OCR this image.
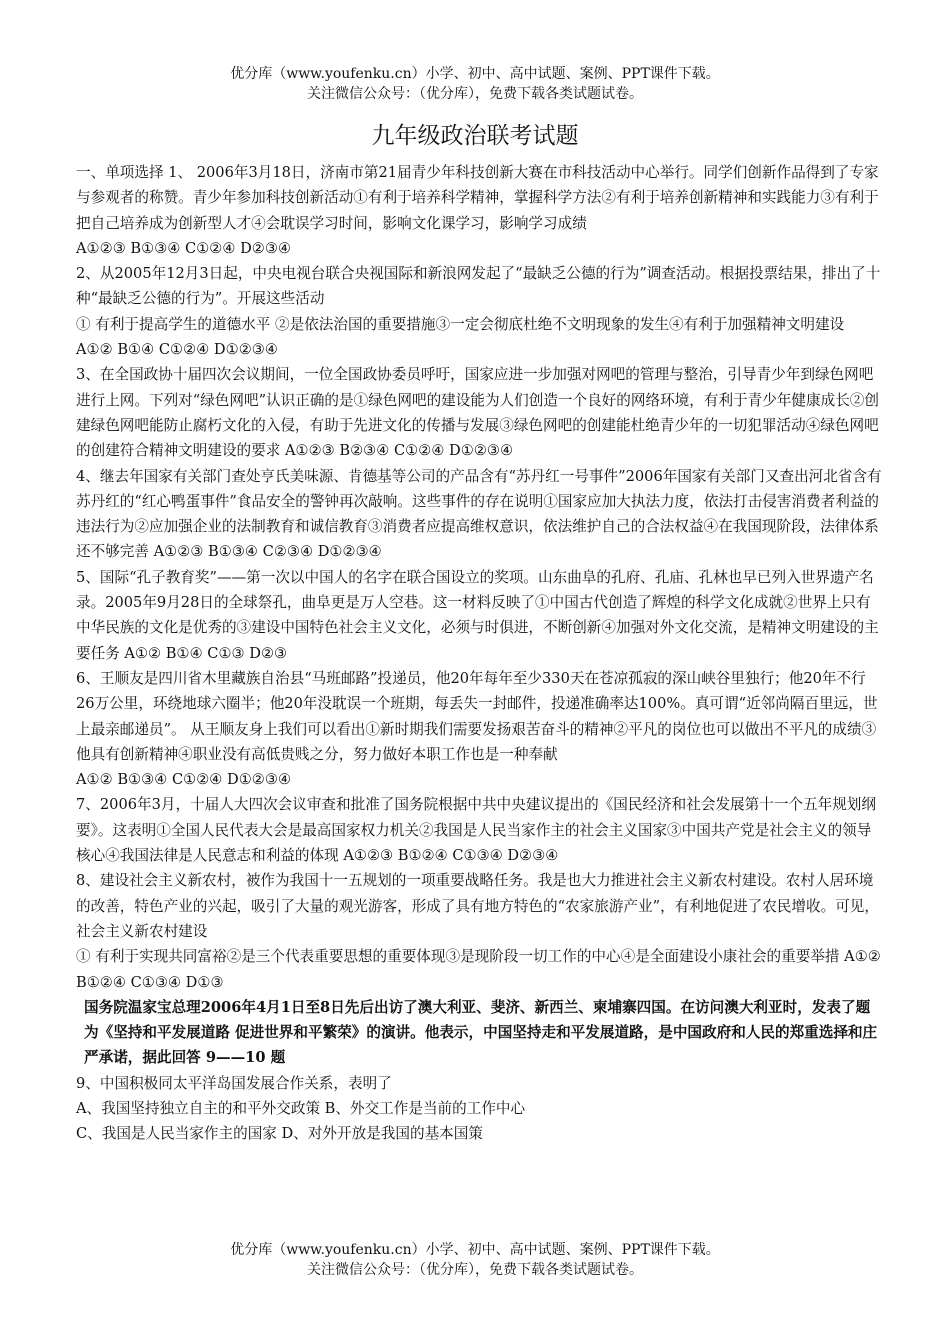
优分库（www.youfenku.cn）小学、初中、高中试题、案例、PPT课件下载。
关注微信公众号：（优分库），免费下载各类试题试卷。
九年级政治联考试题

一、单项选择 1、 2006年3月18日，济南市第21届青少年科技创新大赛在市科技活动中心举行。同学们创新作品得到了专家与参观者的称赞。青少年参加科技创新活动①有利于培养科学精神，掌握科学方法②有利于培养创新精神和实践能力③有利于把自己培养成为创新型人才④会耽误学习时间，影响文化课学习，影响学习成绩

A①②③ B①③④ C①②④ D②③④

2、从2005年12月3日起，中央电视台联合央视国际和新浪网发起了“最缺乏公德的行为”调查活动。根据投票结果，排出了十种“最缺乏公德的行为”。开展这些活动

① 有利于提高学生的道德水平 ②是依法治国的重要措施③一定会彻底杜绝不文明现象的发生④有利于加强精神文明建设 A①② B①④ C①②④ D①②③④

3、在全国政协十届四次会议期间，一位全国政协委员呼吁，国家应进一步加强对网吧的管理与整治，引导青少年到绿色网吧进行上网。下列对“绿色网吧”认识正确的是①绿色网吧的建设能为人们创造一个良好的网络环境，有利于青少年健康成长②创建绿色网吧能防止腐朽文化的入侵，有助于先进文化的传播与发展③绿色网吧的创建能杜绝青少年的一切犯罪活动④绿色网吧的创建符合精神文明建设的要求 A①②③ B②③④ C①②④ D①②③④

4、继去年国家有关部门查处亨氏美味源、肯德基等公司的产品含有“苏丹红一号事件”2006年国家有关部门又查出河北省含有苏丹红的“红心鸭蛋事件”食品安全的警钟再次敲响。这些事件的存在说明①国家应加大执法力度，依法打击侵害消费者利益的违法行为②应加强企业的法制教育和诚信教育③消费者应提高维权意识，依法维护自己的合法权益④在我国现阶段，法律体系还不够完善 A①②③ B①③④ C②③④ D①②③④

5、国际“孔子教育奖”——第一次以中国人的名字在联合国设立的奖项。山东曲阜的孔府、孔庙、孔林也早已列入世界遗产名录。2005年9月28日的全球祭孔，曲阜更是万人空巷。这一材料反映了①中国古代创造了辉煌的科学文化成就②世界上只有中华民族的文化是优秀的③建设中国特色社会主义文化，必须与时俱进，不断创新④加强对外文化交流，是精神文明建设的主要任务 A①② B①④ C①③ D②③

6、王顺友是四川省木里藏族自治县“马班邮路”投递员，他20年每年至少330天在苍凉孤寂的深山峡谷里独行；他20年不行26万公里，环绕地球六圈半；他20年没耽误一个班期，每丢失一封邮件，投递准确率达100%。真可谓“近邻尚隔百里远，世上最亲邮递员”。 从王顺友身上我们可以看出①新时期我们需要发扬艰苦奋斗的精神②平凡的岗位也可以做出不平凡的成绩③他具有创新精神④职业没有高低贵贱之分，努力做好本职工作也是一种奉献

A①② B①③④ C①②④ D①②③④

7、2006年3月，十届人大四次会议审查和批准了国务院根据中共中央建议提出的《国民经济和社会发展第十一个五年规划纲要》。这表明①全国人民代表大会是最高国家权力机关②我国是人民当家作主的社会主义国家③中国共产党是社会主义的领导核心④我国法律是人民意志和利益的体现 A①②③ B①②④ C①③④ D②③④

8、建设社会主义新农村，被作为我国十一五规划的一项重要战略任务。我是也大力推进社会主义新农村建设。农村人居环境的改善，特色产业的兴起，吸引了大量的观光游客，形成了具有地方特色的“农家旅游产业”，有利地促进了农民增收。可见，社会主义新农村建设

① 有利于实现共同富裕②是三个代表重要思想的重要体现③是现阶段一切工作的中心④是全面建设小康社会的重要举措 A①② B①②④ C①③④ D①③

国务院温家宝总理2006年4月1日至8日先后出访了澳大利亚、斐济、新西兰、柬埔寨四国。在访问澳大利亚时，发表了题为《坚持和平发展道路 促进世界和平繁荣》的演讲。他表示，中国坚持走和平发展道路，是中国政府和人民的郑重选择和庄严承诺，据此回答 9——10 题

9、中国积极同太平洋岛国发展合作关系，表明了

A、我国坚持独立自主的和平外交政策 B、外交工作是当前的工作中心

C、我国是人民当家作主的国家 D、对外开放是我国的基本国策

优分库（www.youfenku.cn）小学、初中、高中试题、案例、PPT课件下载。
关注微信公众号：（优分库），免费下载各类试题试卷。
